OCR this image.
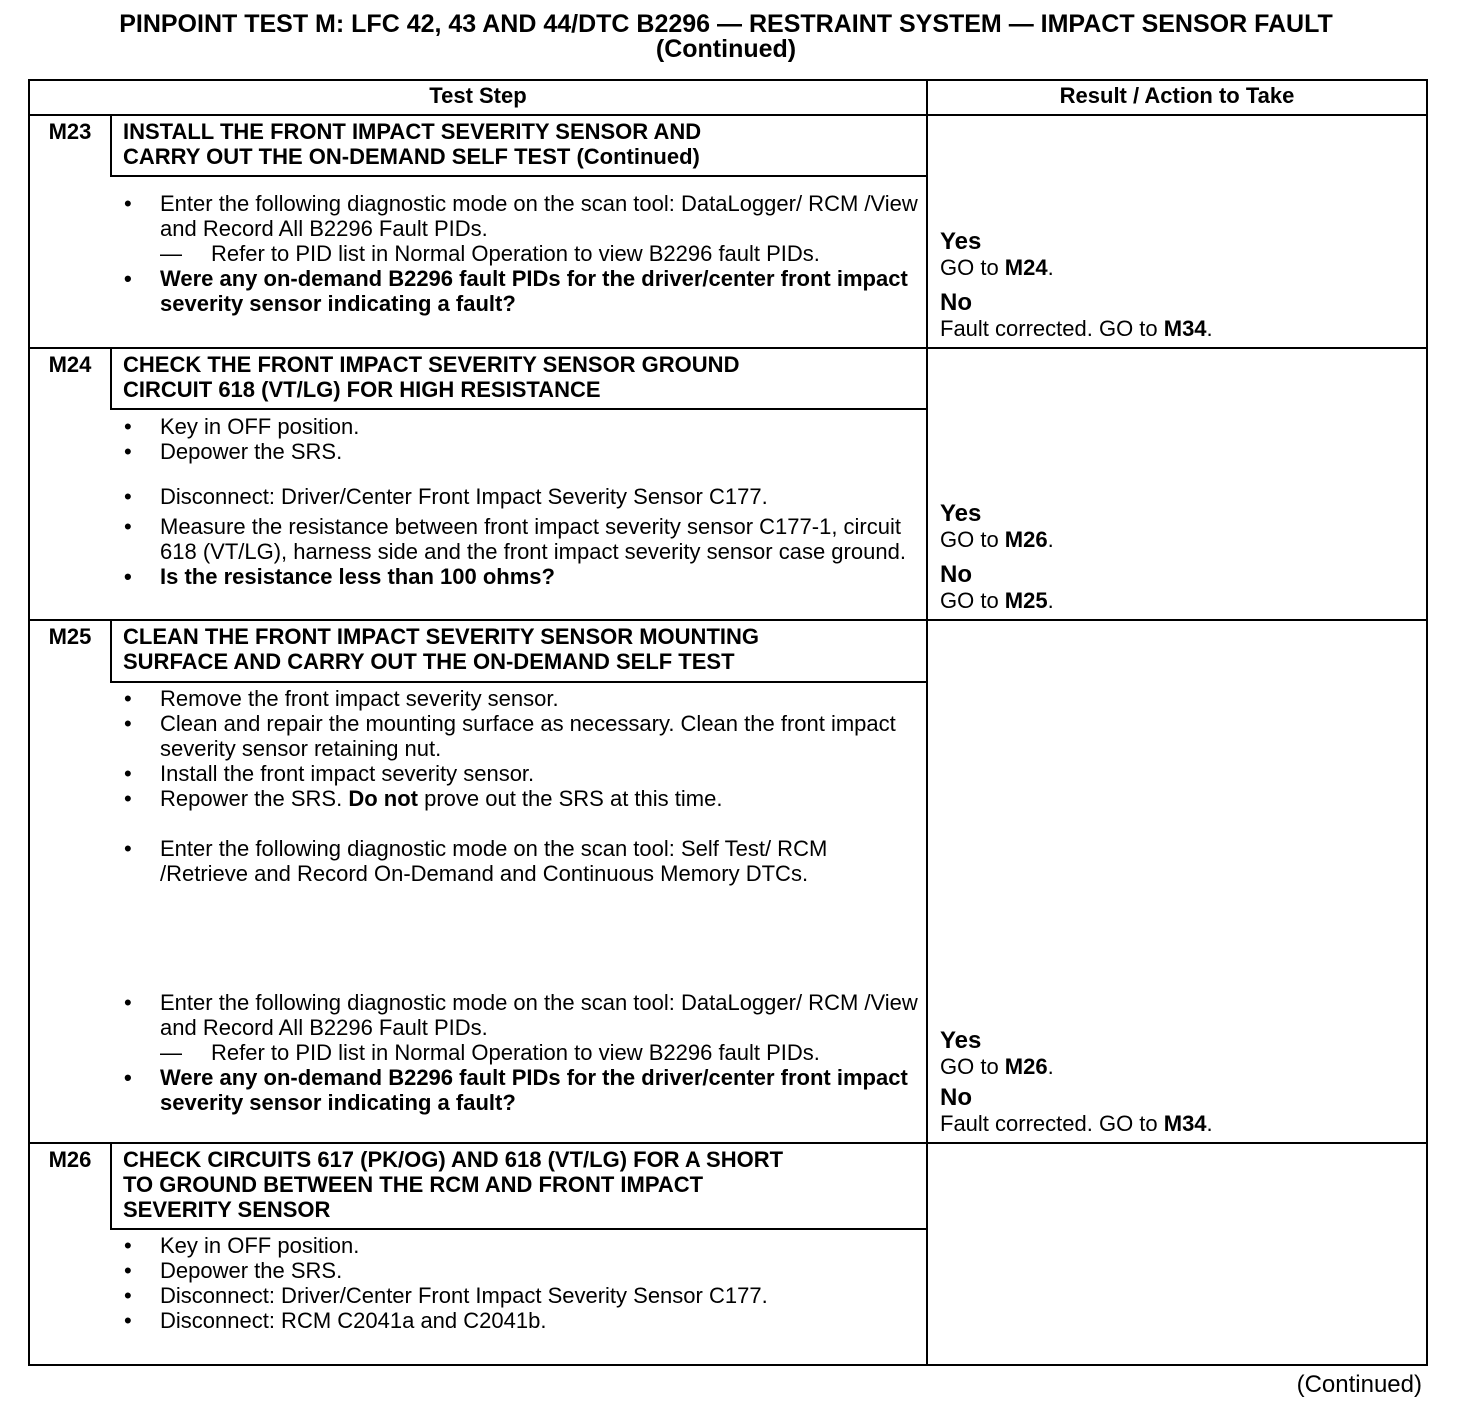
PINPOINT TEST M: LFC 42, 43 AND 44/DTC B2296 — RESTRAINT SYSTEM — IMPACT SENSOR FAULT
(Continued)
Test Step	Result / Action to Take
M23	INSTALL THE FRONT IMPACT SEVERITY SENSOR AND
CARRY OUT THE ON-DEMAND SELF TEST (Continued)
• Enter the following diagnostic mode on the scan tool: DataLogger/ RCM /View and Record All B2296 Fault PIDs.
— Refer to PID list in Normal Operation to view B2296 fault PIDs.
• Were any on-demand B2296 fault PIDs for the driver/center front impact severity sensor indicating a fault?
Yes
GO to M24.
No
Fault corrected. GO to M34.
M24	CHECK THE FRONT IMPACT SEVERITY SENSOR GROUND
CIRCUIT 618 (VT/LG) FOR HIGH RESISTANCE
• Key in OFF position.
• Depower the SRS.
• Disconnect: Driver/Center Front Impact Severity Sensor C177.
• Measure the resistance between front impact severity sensor C177-1, circuit 618 (VT/LG), harness side and the front impact severity sensor case ground.
• Is the resistance less than 100 ohms?
Yes
GO to M26.
No
GO to M25.
M25	CLEAN THE FRONT IMPACT SEVERITY SENSOR MOUNTING
SURFACE AND CARRY OUT THE ON-DEMAND SELF TEST
• Remove the front impact severity sensor.
• Clean and repair the mounting surface as necessary. Clean the front impact severity sensor retaining nut.
• Install the front impact severity sensor.
• Repower the SRS. Do not prove out the SRS at this time.
• Enter the following diagnostic mode on the scan tool: Self Test/ RCM /Retrieve and Record On-Demand and Continuous Memory DTCs.
• Enter the following diagnostic mode on the scan tool: DataLogger/ RCM /View and Record All B2296 Fault PIDs.
— Refer to PID list in Normal Operation to view B2296 fault PIDs.
• Were any on-demand B2296 fault PIDs for the driver/center front impact severity sensor indicating a fault?
Yes
GO to M26.
No
Fault corrected. GO to M34.
M26	CHECK CIRCUITS 617 (PK/OG) AND 618 (VT/LG) FOR A SHORT
TO GROUND BETWEEN THE RCM AND FRONT IMPACT
SEVERITY SENSOR
• Key in OFF position.
• Depower the SRS.
• Disconnect: Driver/Center Front Impact Severity Sensor C177.
• Disconnect: RCM C2041a and C2041b.
(Continued)
